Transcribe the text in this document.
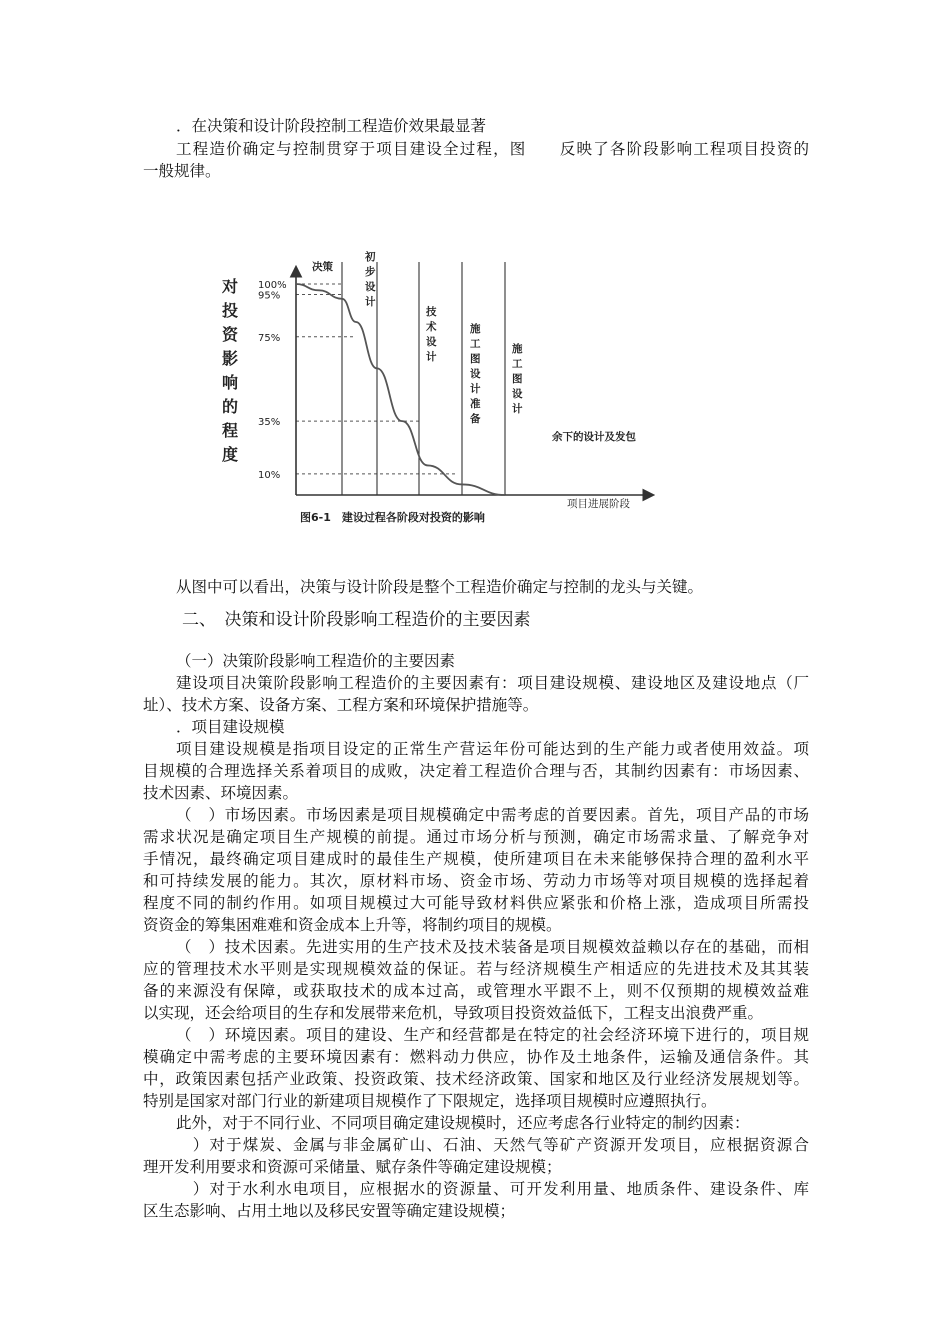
．在决策和设计阶段控制工程造价效果最显著
工程造价确定与控制贯穿于项目建设全过程，图　　反映了各阶段影响工程项目投资的
一般规律。
对
投
资
影
响
的
程
度
100%
95%
75%
35%
10%
决策
初
步
设
计
技
术
设
计
施
工
图
设
计
准
备
施
工
图
设
计
余下的设计及发包
项目进展阶段
图6-1　建设过程各阶段对投资的影响
从图中可以看出，决策与设计阶段是整个工程造价确定与控制的龙头与关键。
二、　决策和设计阶段影响工程造价的主要因素
（一）决策阶段影响工程造价的主要因素
建设项目决策阶段影响工程造价的主要因素有：项目建设规模、建设地区及建设地点（厂
址）、技术方案、设备方案、工程方案和环境保护措施等。
．项目建设规模
项目建设规模是指项目设定的正常生产营运年份可能达到的生产能力或者使用效益。项
目规模的合理选择关系着项目的成败，决定着工程造价合理与否，其制约因素有：市场因素、
技术因素、环境因素。
（　）市场因素。市场因素是项目规模确定中需考虑的首要因素。首先，项目产品的市场
需求状况是确定项目生产规模的前提。通过市场分析与预测，确定市场需求量、了解竞争对
手情况，最终确定项目建成时的最佳生产规模，使所建项目在未来能够保持合理的盈利水平
和可持续发展的能力。其次，原材料市场、资金市场、劳动力市场等对项目规模的选择起着
程度不同的制约作用。如项目规模过大可能导致材料供应紧张和价格上涨，造成项目所需投
资资金的筹集困难难和资金成本上升等，将制约项目的规模。
（　）技术因素。先进实用的生产技术及技术装备是项目规模效益赖以存在的基础，而相
应的管理技术水平则是实现规模效益的保证。若与经济规模生产相适应的先进技术及其其装
备的来源没有保障，或获取技术的成本过高，或管理水平跟不上，则不仅预期的规模效益难
以实现，还会给项目的生存和发展带来危机，导致项目投资效益低下，工程支出浪费严重。
（　）环境因素。项目的建设、生产和经营都是在特定的社会经济环境下进行的，项目规
模确定中需考虑的主要环境因素有：燃料动力供应，协作及土地条件，运输及通信条件。其
中，政策因素包括产业政策、投资政策、技术经济政策、国家和地区及行业经济发展规划等。
特别是国家对部门行业的新建项目规模作了下限规定，选择项目规模时应遵照执行。
此外，对于不同行业、不同项目确定建设规模时，还应考虑各行业特定的制约因素：
　）对于煤炭、金属与非金属矿山、石油、天然气等矿产资源开发项目，应根据资源合
理开发利用要求和资源可采储量、赋存条件等确定建设规模；
　）对于水利水电项目，应根据水的资源量、可开发利用量、地质条件、建设条件、库
区生态影响、占用土地以及移民安置等确定建设规模；
